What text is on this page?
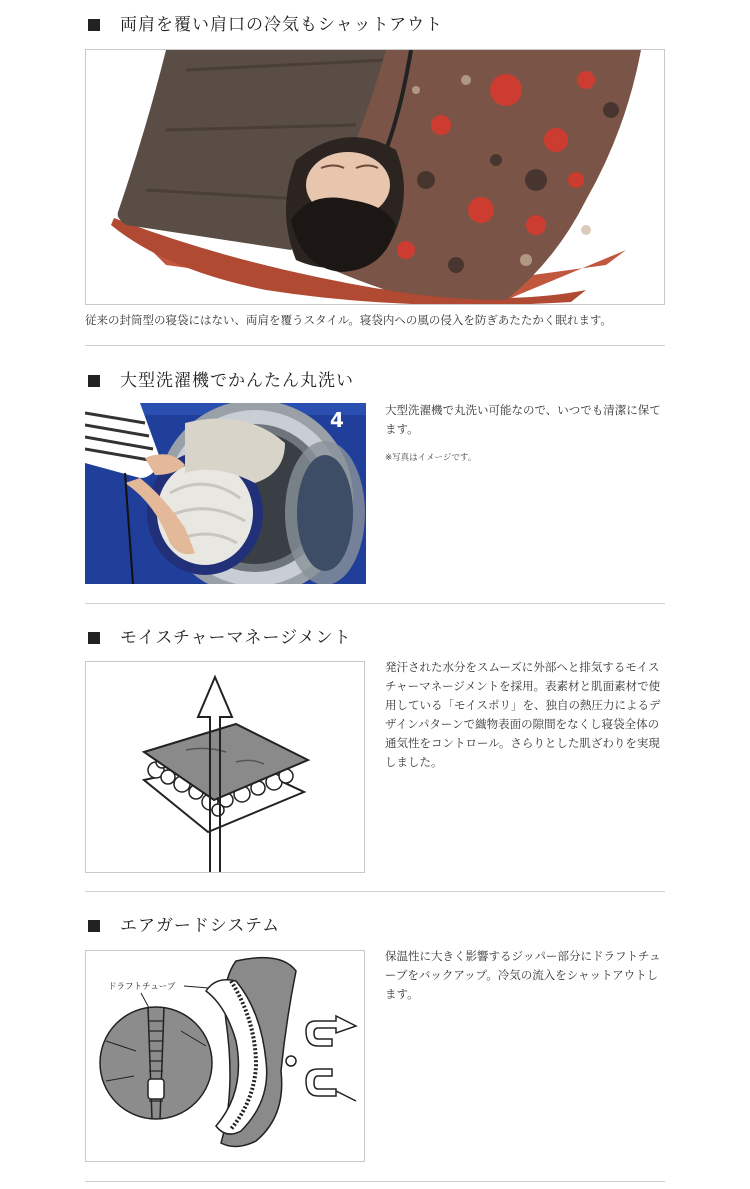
両肩を覆い肩口の冷気もシャットアウト
従来の封筒型の寝袋にはない、両肩を覆うスタイル。寝袋内への風の侵入を防ぎあたたかく眠れます。
大型洗濯機でかんたん丸洗い
4	大型洗濯機で丸洗い可能なので、いつでも清潔に保てます。
※写真はイメージです。
モイスチャーマネージメント
発汗された水分をスムーズに外部へと排気するモイスチャーマネージメントを採用。表素材と肌面素材で使用している「モイスポリ」を、独自の熱圧力によるデザインパターンで織物表面の隙間をなくし寝袋全体の通気性をコントロール。さらりとした肌ざわりを実現しました。
エアガードシステム
ドラフトチューブ
保温性に大きく影響するジッパー部分にドラフトチューブをバックアップ。冷気の流入をシャットアウトします。
